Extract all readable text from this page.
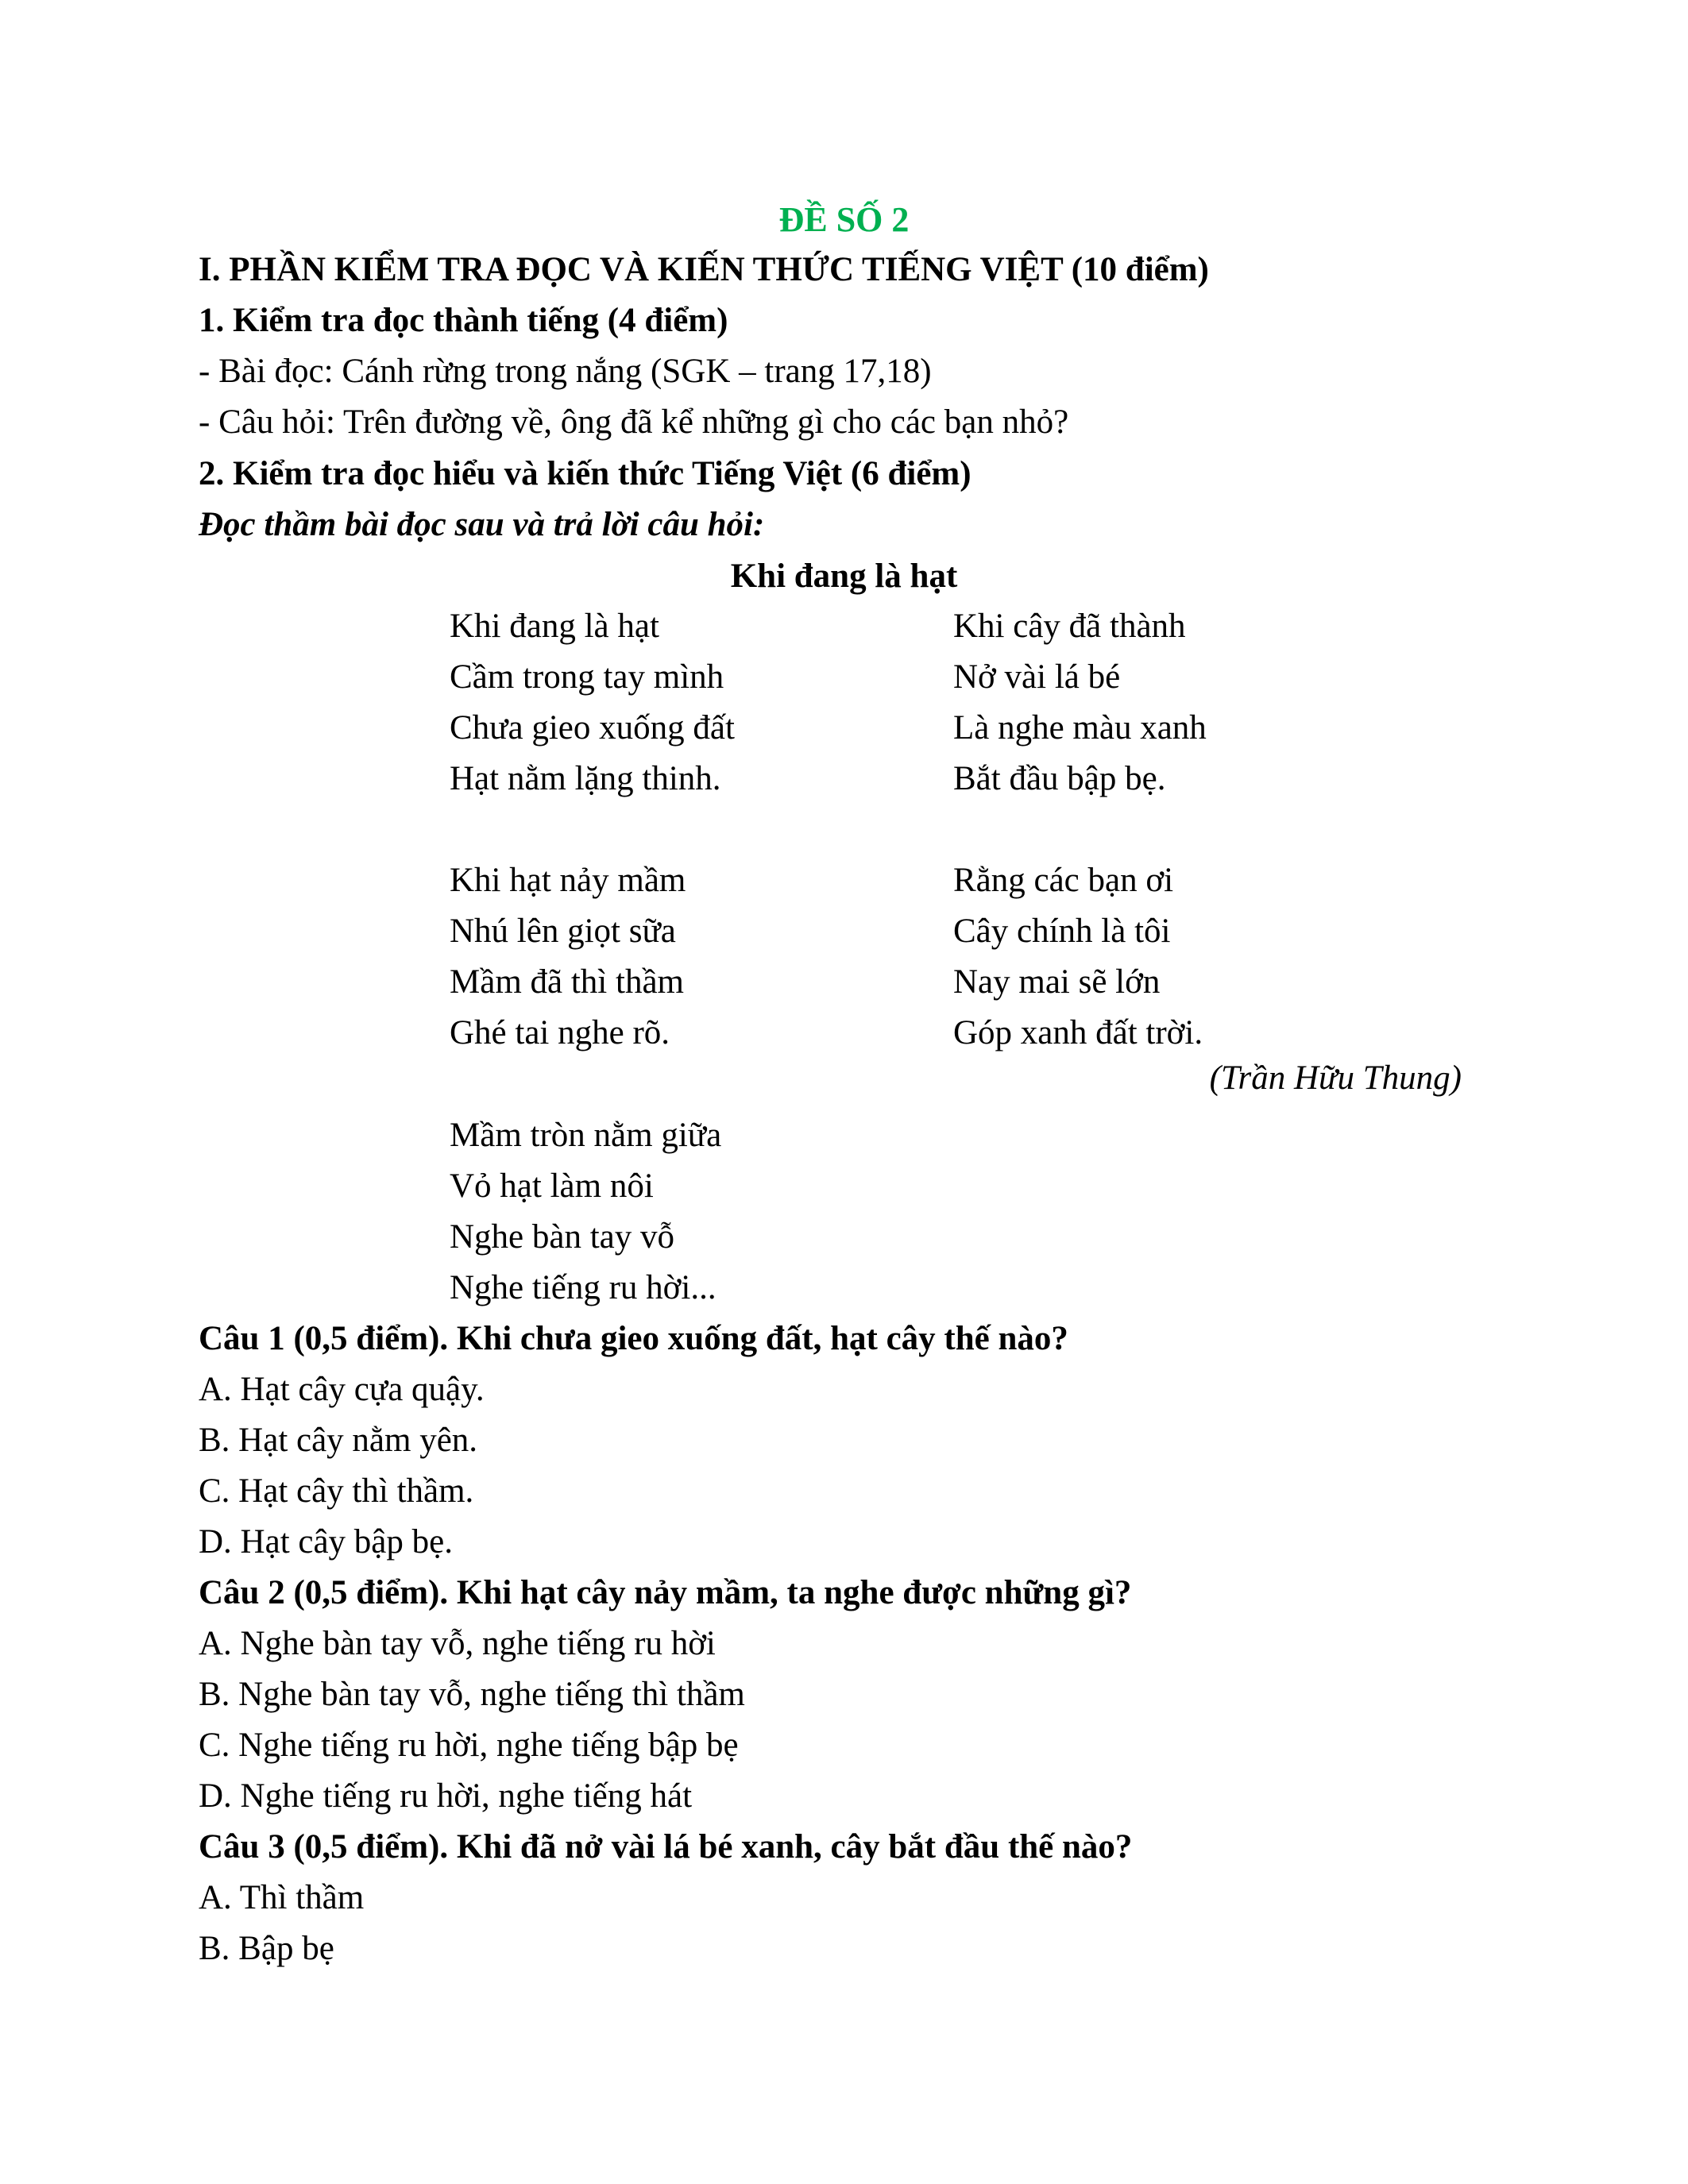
ĐỀ SỐ 2
I. PHẦN KIỂM TRA ĐỌC VÀ KIẾN THỨC TIẾNG VIỆT (10 điểm)
1. Kiểm tra đọc thành tiếng (4 điểm)
- Bài đọc: Cánh rừng trong nắng (SGK – trang 17,18)
- Câu hỏi: Trên đường về, ông đã kể những gì cho các bạn nhỏ?
2. Kiểm tra đọc hiểu và kiến thức Tiếng Việt (6 điểm)
Đọc thầm bài đọc sau và trả lời câu hỏi:
Khi đang là hạt
Khi đang là hạt
Cầm trong tay mình
Chưa gieo xuống đất
Hạt nằm lặng thinh.
Khi cây đã thành
Nở vài lá bé
Là nghe màu xanh
Bắt đầu bập bẹ.
Khi hạt nảy mầm
Nhú lên giọt sữa
Mầm đã thì thầm
Ghé tai nghe rõ.
Rằng các bạn ơi
Cây chính là tôi
Nay mai sẽ lớn
Góp xanh đất trời.
(Trần Hữu Thung)
Mầm tròn nằm giữa
Vỏ hạt làm nôi
Nghe bàn tay vỗ
Nghe tiếng ru hời...
Câu 1 (0,5 điểm). Khi chưa gieo xuống đất, hạt cây thế nào?
A. Hạt cây cựa quậy.
B. Hạt cây nằm yên.
C. Hạt cây thì thầm.
D. Hạt cây bập bẹ.
Câu 2 (0,5 điểm). Khi hạt cây nảy mầm, ta nghe được những gì?
A. Nghe bàn tay vỗ, nghe tiếng ru hời
B. Nghe bàn tay vỗ, nghe tiếng thì thầm
C. Nghe tiếng ru hời, nghe tiếng bập bẹ
D. Nghe tiếng ru hời, nghe tiếng hát
Câu 3 (0,5 điểm). Khi đã nở vài lá bé xanh, cây bắt đầu thế nào?
A. Thì thầm
B. Bập bẹ
